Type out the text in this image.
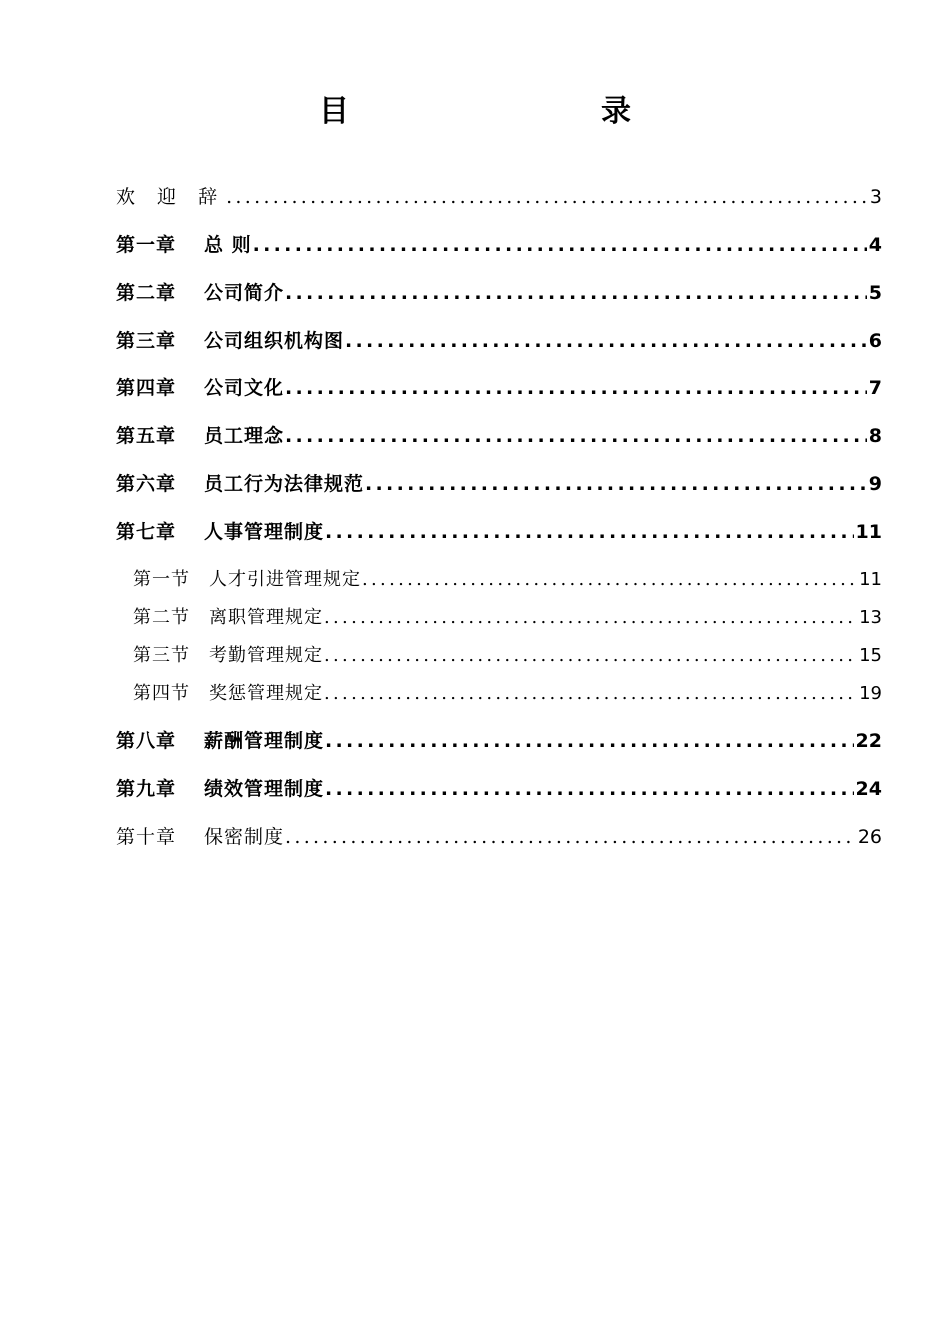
目　　录
欢 迎 辞 .....	3
第一章 总 则 .....	4
第二章 公司简介 .....	5
第三章 公司组织机构图 .....	6
第四章 公司文化 .....	7
第五章 员工理念 .....	8
第六章 员工行为法律规范 .....	9
第七章 人事管理制度 .....	11
第一节 人才引进管理规定 .....	11
第二节 离职管理规定 .....	13
第三节 考勤管理规定 .....	15
第四节 奖惩管理规定 .....	19
第八章 薪酬管理制度 .....	22
第九章 绩效管理制度 .....	24
第十章 保密制度 .....	26
